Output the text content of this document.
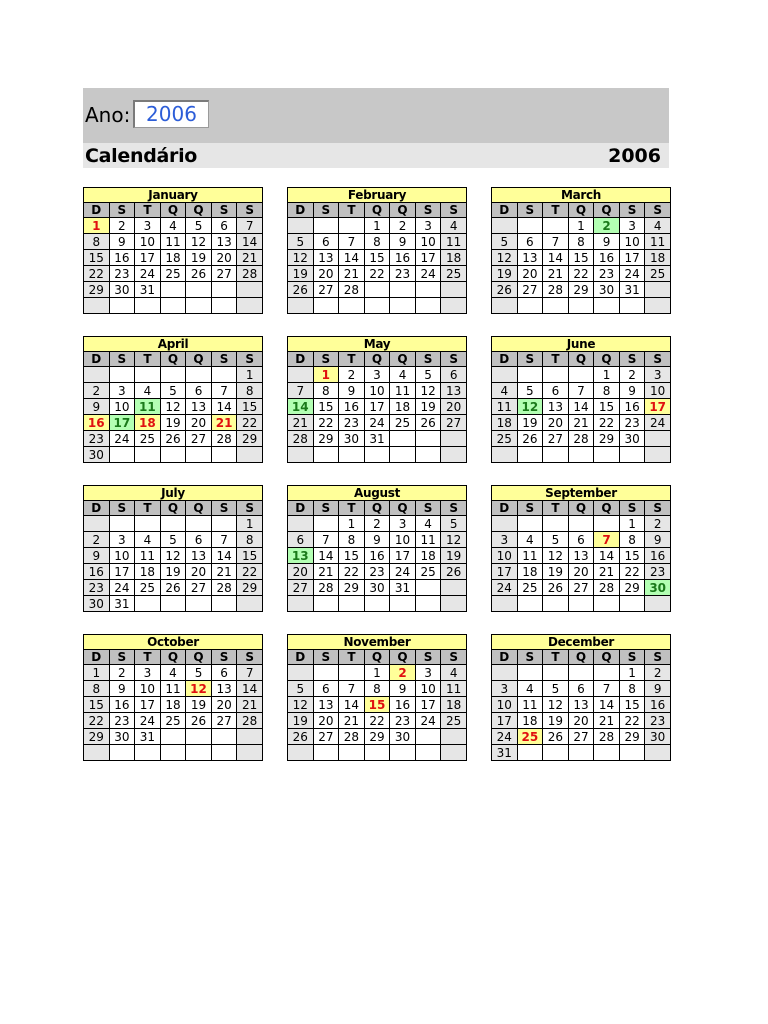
Ano: 2006
Calendário	2006
January
D	S	T	Q	Q	S	S
1	2	3	4	5	6	7
8	9	10	11	12	13	14
15	16	17	18	19	20	21
22	23	24	25	26	27	28
29	30	31				

February
D	S	T	Q	Q	S	S
			1	2	3	4
5	6	7	8	9	10	11
12	13	14	15	16	17	18
19	20	21	22	23	24	25
26	27	28				

March
D	S	T	Q	Q	S	S
			1	2	3	4
5	6	7	8	9	10	11
12	13	14	15	16	17	18
19	20	21	22	23	24	25
26	27	28	29	30	31	

April
D	S	T	Q	Q	S	S
						1
2	3	4	5	6	7	8
9	10	11	12	13	14	15
16	17	18	19	20	21	22
23	24	25	26	27	28	29
30						
May
D	S	T	Q	Q	S	S
	1	2	3	4	5	6
7	8	9	10	11	12	13
14	15	16	17	18	19	20
21	22	23	24	25	26	27
28	29	30	31			

June
D	S	T	Q	Q	S	S
				1	2	3
4	5	6	7	8	9	10
11	12	13	14	15	16	17
18	19	20	21	22	23	24
25	26	27	28	29	30	

July
D	S	T	Q	Q	S	S
						1
2	3	4	5	6	7	8
9	10	11	12	13	14	15
16	17	18	19	20	21	22
23	24	25	26	27	28	29
30	31					
August
D	S	T	Q	Q	S	S
		1	2	3	4	5
6	7	8	9	10	11	12
13	14	15	16	17	18	19
20	21	22	23	24	25	26
27	28	29	30	31		

September
D	S	T	Q	Q	S	S
					1	2
3	4	5	6	7	8	9
10	11	12	13	14	15	16
17	18	19	20	21	22	23
24	25	26	27	28	29	30

October
D	S	T	Q	Q	S	S
1	2	3	4	5	6	7
8	9	10	11	12	13	14
15	16	17	18	19	20	21
22	23	24	25	26	27	28
29	30	31				

November
D	S	T	Q	Q	S	S
			1	2	3	4
5	6	7	8	9	10	11
12	13	14	15	16	17	18
19	20	21	22	23	24	25
26	27	28	29	30		

December
D	S	T	Q	Q	S	S
					1	2
3	4	5	6	7	8	9
10	11	12	13	14	15	16
17	18	19	20	21	22	23
24	25	26	27	28	29	30
31						
